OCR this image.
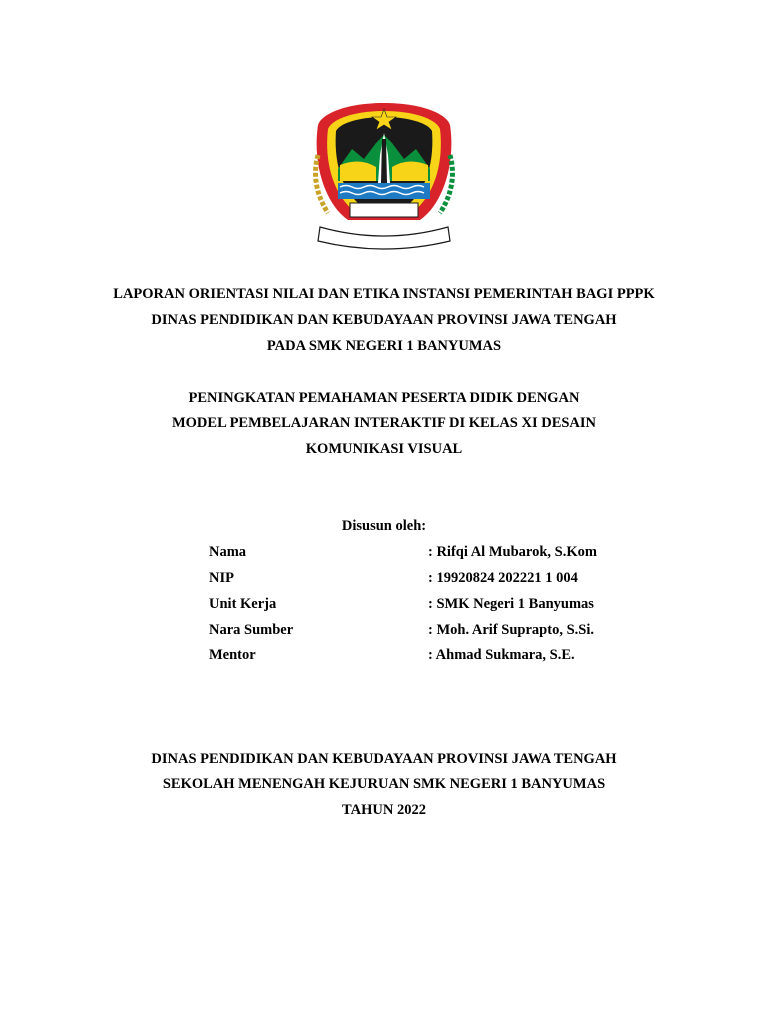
LAPORAN ORIENTASI NILAI DAN ETIKA INSTANSI PEMERINTAH BAGI PPPK
DINAS PENDIDIKAN DAN KEBUDAYAAN PROVINSI JAWA TENGAH
PADA SMK NEGERI 1 BANYUMAS
PENINGKATAN PEMAHAMAN PESERTA DIDIK DENGAN
MODEL PEMBELAJARAN INTERAKTIF DI KELAS XI DESAIN
KOMUNIKASI VISUAL
Disusun oleh:
Nama	: Rifqi Al Mubarok, S.Kom
NIP	: 19920824 202221 1 004
Unit Kerja	: SMK Negeri 1 Banyumas
Nara Sumber	: Moh. Arif Suprapto, S.Si.
Mentor	: Ahmad Sukmara, S.E.
DINAS PENDIDIKAN DAN KEBUDAYAAN PROVINSI JAWA TENGAH
SEKOLAH MENENGAH KEJURUAN SMK NEGERI 1 BANYUMAS
TAHUN 2022
